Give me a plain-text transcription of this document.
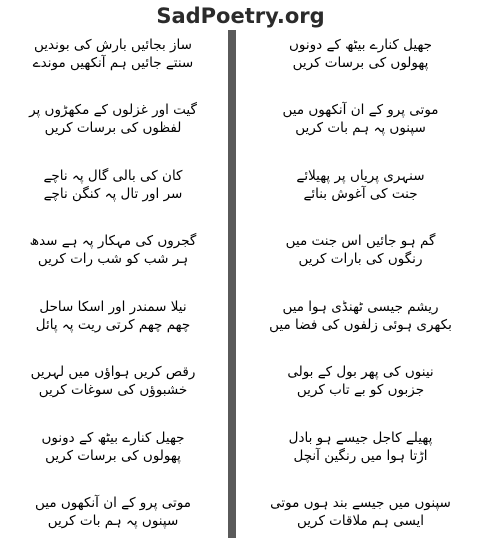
SadPoetry.org
ساز بجائیں بارش کی بوندیں
سنتے جائیں ہم آنکھیں موندے
گیت اور غزلوں کے مکھڑوں پر
لفظوں کی برسات کریں
کان کی بالی گال پہ ناچے
سر اور تال پہ کنگن ناچے
گجروں کی مہکار پہ ہے سدھ
ہر شب کو شب رات کریں
نیلا سمندر اور اسکا ساحل
چھم چھم کرتی ریت پہ پائل
رقص کریں ہواؤں میں لہریں
خشبوؤں کی سوغات کریں
جھیل کنارے بیٹھ کے دونوں
پھولوں کی برسات کریں
موتی پرو کے ان آنکھوں میں
سپنوں پہ ہم بات کریں
جھیل کنارے بیٹھ کے دونوں
پھولوں کی برسات کریں
موتی پرو کے ان آنکھوں میں
سپنوں پہ ہم بات کریں
سنہری پریاں پر پھیلائے
جنت کی آغوش بنائے
گم ہو جائیں اس جنت میں
رنگوں کی بارات کریں
ریشم جیسی ٹھنڈی ہوا میں
بکھری ہوئی زلفوں کی فضا میں
نینوں کی پھر بول کے بولی
جزبوں کو بے تاب کریں
پھیلے کاجل جیسے ہو بادل
اڑتا ہوا میں رنگین آنچل
سپنوں میں جیسے بند ہوں موتی
ایسی ہم ملاقات کریں
